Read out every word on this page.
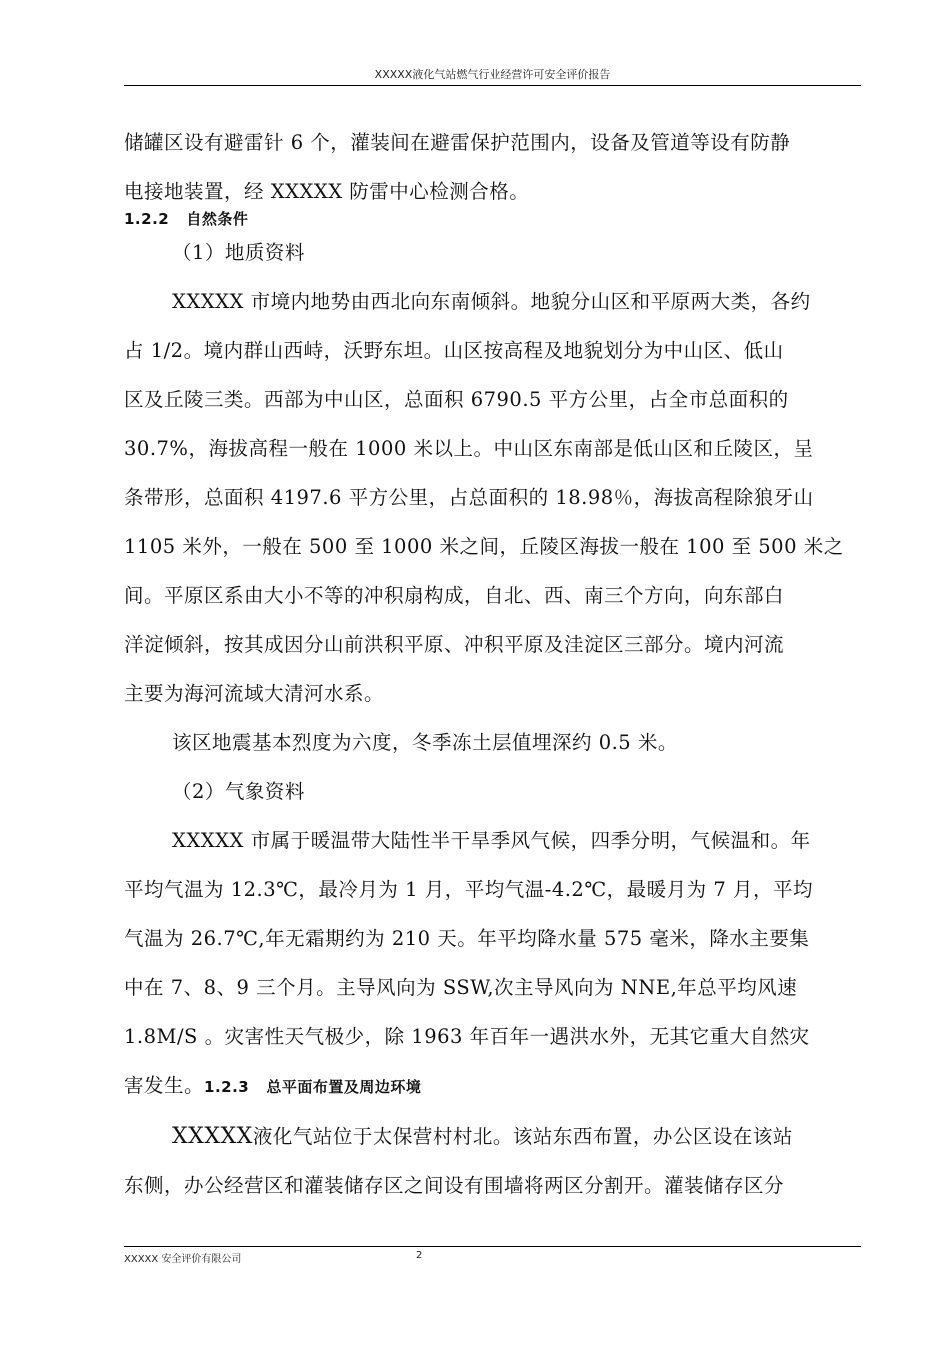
XXXXX液化气站燃气行业经营许可安全评价报告

储罐区设有避雷针 6 个，灌装间在避雷保护范围内，设备及管道等设有防静

电接地装置，经 XXXXX 防雷中心检测合格。

1.2.2 自然条件

（1）地质资料

XXXXX 市境内地势由西北向东南倾斜。地貌分山区和平原两大类，各约

占 1/2。境内群山西峙，沃野东坦。山区按高程及地貌划分为中山区、低山

区及丘陵三类。西部为中山区，总面积 6790.5 平方公里，占全市总面积的

30.7%，海拔高程一般在 1000 米以上。中山区东南部是低山区和丘陵区，呈

条带形，总面积 4197.6 平方公里，占总面积的 18.98％，海拔高程除狼牙山

1105 米外，一般在 500 至 1000 米之间，丘陵区海拔一般在 100 至 500 米之

间。平原区系由大小不等的冲积扇构成，自北、西、南三个方向，向东部白

洋淀倾斜，按其成因分山前洪积平原、冲积平原及洼淀区三部分。境内河流

主要为海河流域大清河水系。

该区地震基本烈度为六度，冬季冻土层值埋深约 0.5 米。

（2）气象资料

XXXXX 市属于暖温带大陆性半干旱季风气候，四季分明，气候温和。年

平均气温为 12.3℃，最冷月为 1 月，平均气温-4.2℃，最暖月为 7 月，平均

气温为 26.7℃,年无霜期约为 210 天。年平均降水量 575 毫米，降水主要集

中在 7、8、9 三个月。主导风向为 SSW,次主导风向为 NNE,年总平均风速

1.8M/S 。灾害性天气极少，除 1963 年百年一遇洪水外，无其它重大自然灾

害发生。1.2.3 总平面布置及周边环境

XXXXX液化气站位于太保营村村北。该站东西布置，办公区设在该站

东侧，办公经营区和灌装储存区之间设有围墙将两区分割开。灌装储存区分

XXXXX 安全评价有限公司	2
